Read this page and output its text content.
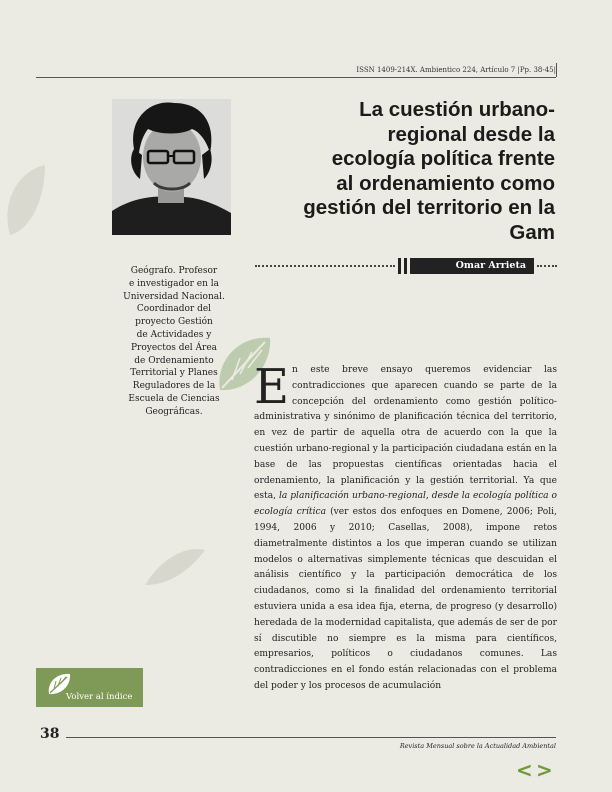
ISSN 1409-214X. Ambientico 224, Artículo 7 |Pp. 38-45|
La cuestión urbano-
regional desde la
ecología política frente
al ordenamiento como
gestión del territorio en la
Gam
Omar Arrieta
Geógrafo. Profesor
e investigador en la
Universidad Nacional.
Coordinador del
proyecto Gestión
de Actividades y
Proyectos del Área
de Ordenamiento
Territorial y Planes
Reguladores de la
Escuela de Ciencias
Geográficas.	En este breve ensayo queremos evidenciar las contradicciones que aparecen cuando se parte de la concepción del ordenamiento como gestión político-administrativa y sinónimo de planificación técnica del territorio, en vez de partir de aquella otra de acuerdo con la que la cuestión urbano-regional y la participación ciudadana están en la base de las propuestas científicas orientadas hacia el ordenamiento, la planificación y la gestión territorial. Ya que esta, la planificación urbano-regional, desde la ecología política o ecología crítica (ver estos dos enfoques en Domene, 2006; Poli, 1994, 2006 y 2010; Casellas, 2008), impone retos diametralmente distintos a los que imperan cuando se utilizan modelos o alternativas simplemente técnicas que descuidan el análisis científico y la participación democrática de los ciudadanos, como si la finalidad del ordenamiento territorial estuviera unida a esa idea fija, eterna, de progreso (y desarrollo) heredada de la modernidad capitalista, que además de ser de por sí discutible no siempre es la misma para científicos, empresarios, políticos o ciudadanos comunes. Las contradicciones en el fondo están relacionadas con el problema del poder y los procesos de acumulación
Volver al índice
38
Revista Mensual sobre la Actualidad Ambiental
< >
